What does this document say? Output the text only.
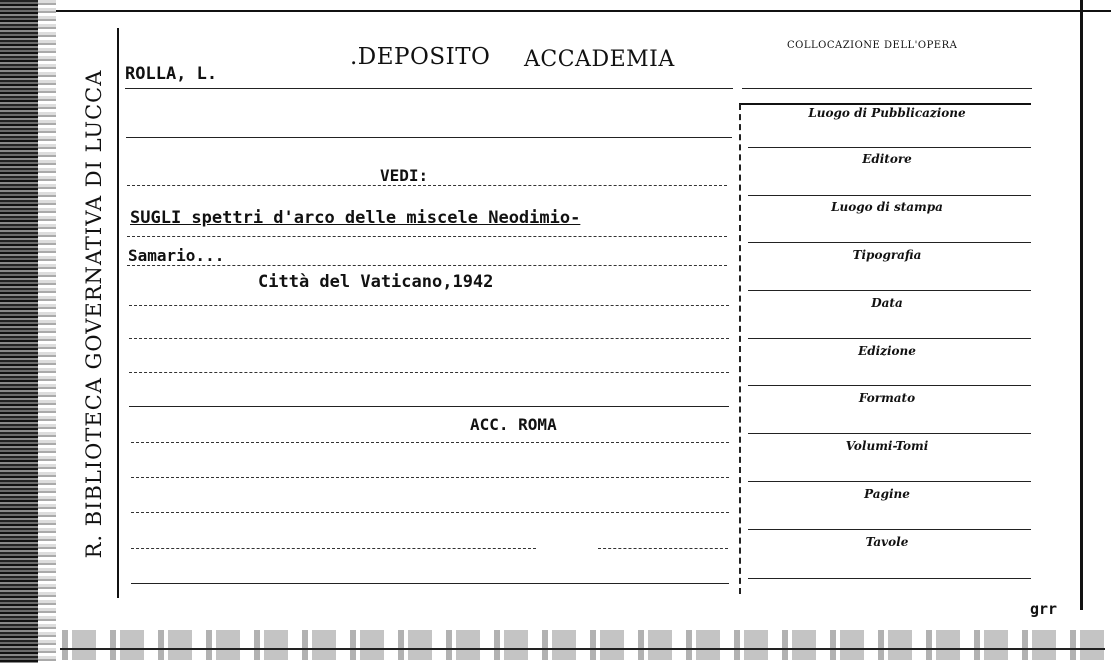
R. BIBLIOTECA GOVERNATIVA DI LUCCA
.DEPOSITO ACCADEMIA
COLLOCAZIONE DELL'OPERA
ROLLA, L.
VEDI:
SUGLI spettri d'arco delle miscele Neodimio-
Samario...
Città del Vaticano,1942
ACC. ROMA
Luogo di Pubblicazione
Editore
Luogo di stampa
Tipografia
Data
Edizione
Formato
Volumi-Tomi
Pagine
Tavole
grr
